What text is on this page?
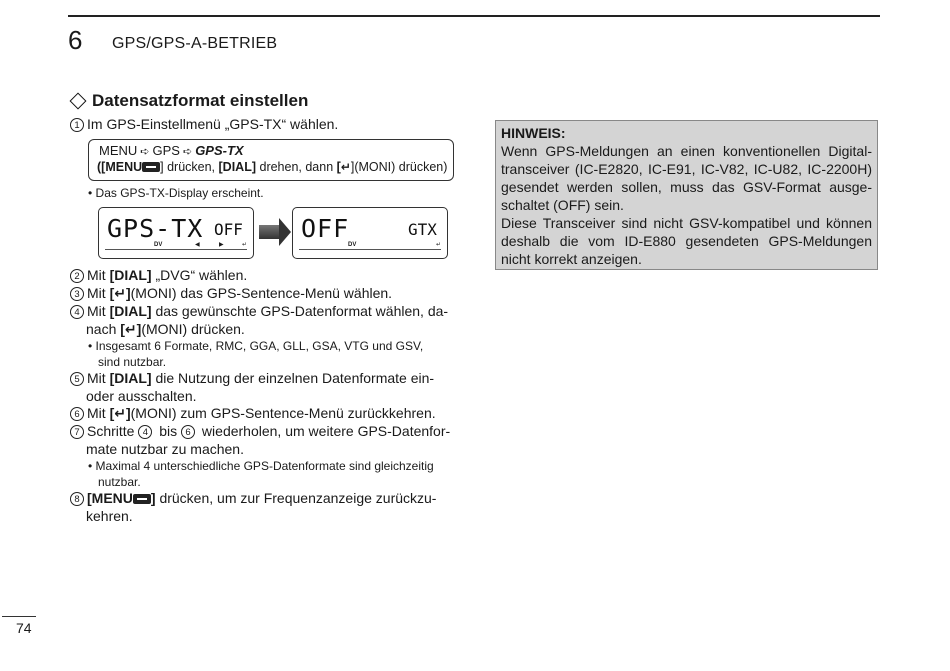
6 GPS/GPS-A-BETRIEB
Datensatzformat einstellen
1 Im GPS-Einstellmenü „GPS-TX“ wählen.
MENU ➪ GPS ➪ GPS-TX
([MENU ] drücken, [DIAL] drehen, dann [↵](MONI) drücken)
• Das GPS-TX-Display erscheint.
GPS-TX OFF
DV	◀	▶	↵
OFF	GTX
DV	↵
2 Mit [DIAL] „DVG“ wählen.
3 Mit [↵](MONI) das GPS-Sentence-Menü wählen.
4 Mit [DIAL] das gewünschte GPS-Datenformat wählen, da-
nach [↵](MONI) drücken.
• Insgesamt 6 Formate, RMC, GGA, GLL, GSA, VTG und GSV,
sind nutzbar.
5 Mit [DIAL] die Nutzung der einzelnen Datenformate ein-
oder ausschalten.
6 Mit [↵](MONI) zum GPS-Sentence-Menü zurückkehren.
7 Schritte 4 bis 6 wiederholen, um weitere GPS-Datenfor-
mate nutzbar zu machen.
• Maximal 4 unterschiedliche GPS-Datenformate sind gleichzeitig
nutzbar.
8 [MENU ] drücken, um zur Frequenzanzeige zurückzu-
kehren.
HINWEIS:

Wenn GPS-Meldungen an einen konventionellen Digital-transceiver (IC-E2820, IC-E91, IC-V82, IC-U82, IC-2200H) gesendet werden sollen, muss das GSV-Format ausge-schaltet (OFF) sein.

Diese Transceiver sind nicht GSV-kompatibel und können deshalb die vom ID-E880 gesendeten GPS-Meldungen nicht korrekt anzeigen.

74
